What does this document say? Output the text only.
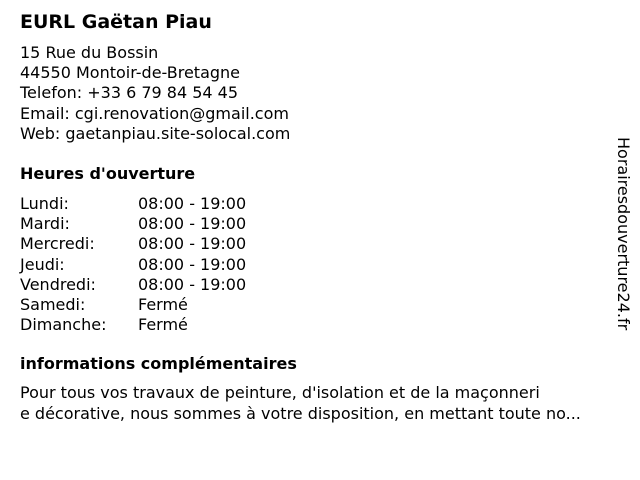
EURL Gaëtan Piau
15 Rue du Bossin
44550 Montoir-de-Bretagne
Telefon: +33 6 79 84 54 45
Email: cgi.renovation@gmail.com
Web: gaetanpiau.site-solocal.com
Heures d'ouverture
Lundi:	08:00 - 19:00
Mardi:	08:00 - 19:00
Mercredi:	08:00 - 19:00
Jeudi:	08:00 - 19:00
Vendredi:	08:00 - 19:00
Samedi:	Fermé
Dimanche:	Fermé
informations complémentaires
Pour tous vos travaux de peinture, d'isolation et de la maçonneri
e décorative, nous sommes à votre disposition, en mettant toute no...
Horairesdouverture24.fr
